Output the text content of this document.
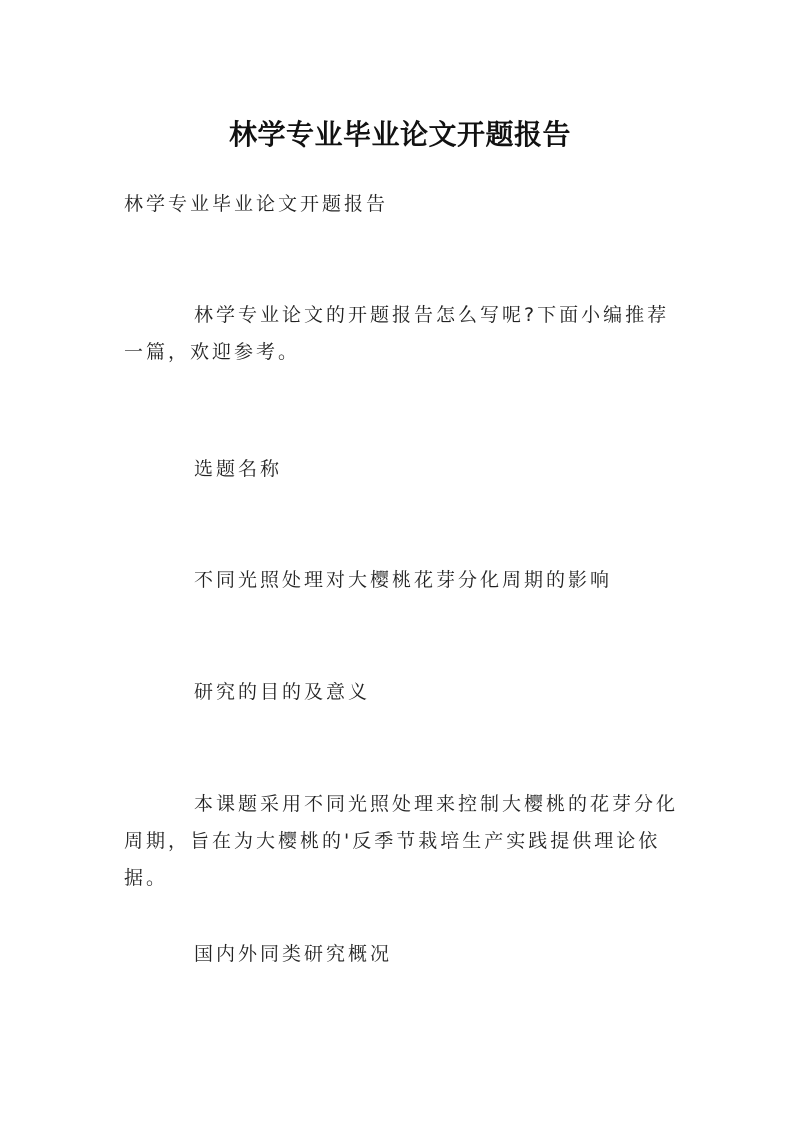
林学专业毕业论文开题报告

林学专业毕业论文开题报告

林学专业论文的开题报告怎么写呢?下面小编推荐一篇，欢迎参考。

选题名称

不同光照处理对大樱桃花芽分化周期的影响

研究的目的及意义

本课题采用不同光照处理来控制大樱桃的花芽分化周期，旨在为大樱桃的'反季节栽培生产实践提供理论依据。

国内外同类研究概况
